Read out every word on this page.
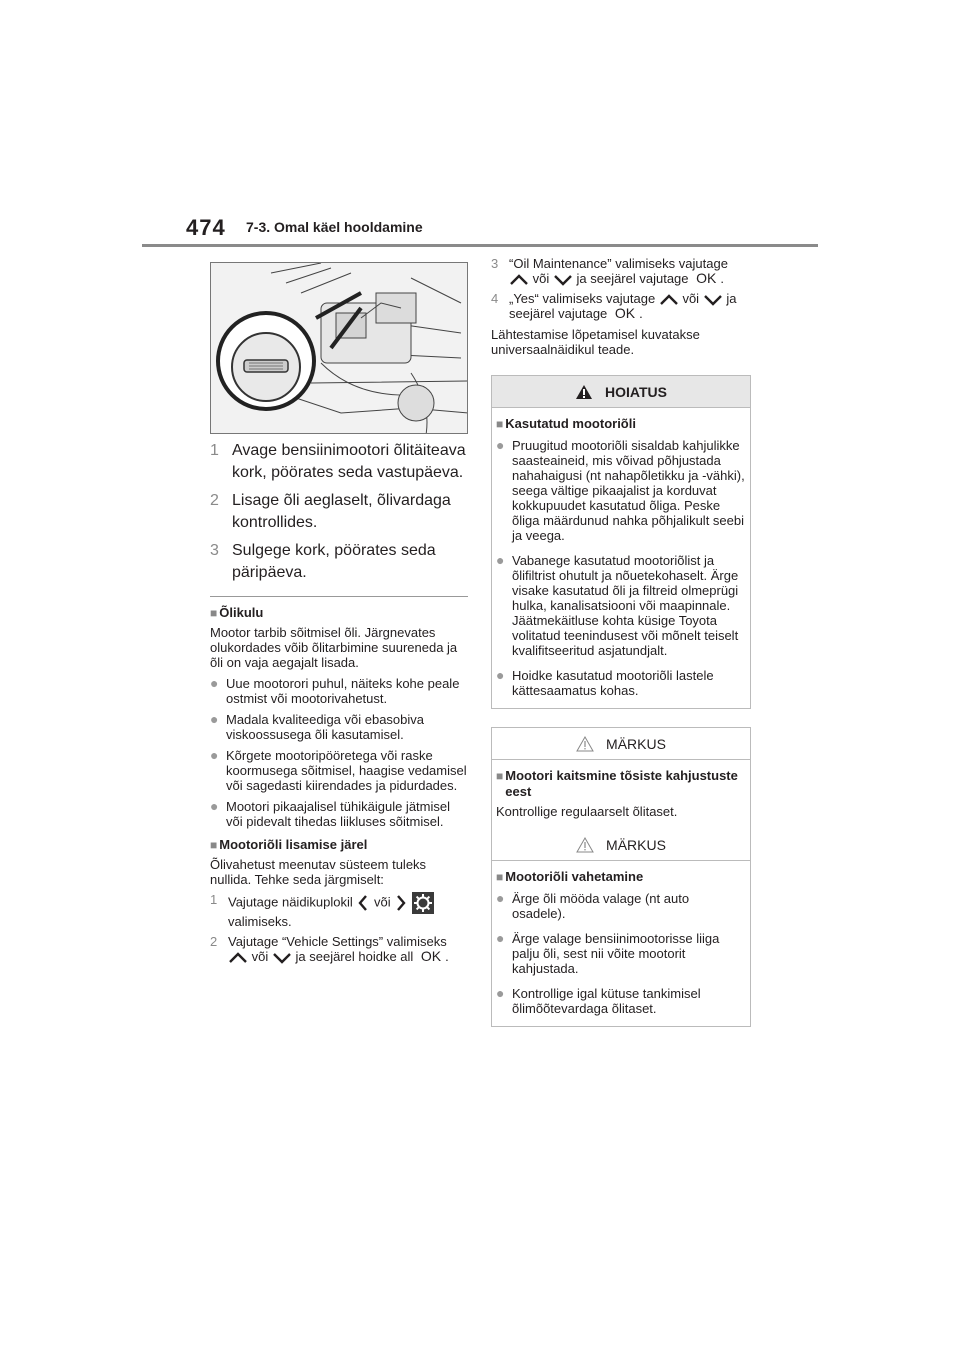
474 7-3. Omal käel hooldamine
1 Avage bensiinimootori õlitäiteava kork, pöörates seda vastupäeva.
2 Lisage õli aeglaselt, õlivardaga kontrollides.
3 Sulgege kork, pöörates seda päripäeva.
■ Õlikulu
Mootor tarbib sõitmisel õli. Järgnevates olukordades võib õlitarbimine suureneda ja õli on vaja aegajalt lisada.
● Uue mootorori puhul, näiteks kohe peale ostmist või mootorivahetust.
● Madala kvaliteediga või ebasobiva viskoossusega õli kasutamisel.
● Kõrgete mootoripööretega või raske koormusega sõitmisel, haagise vedamisel või sagedasti kiirendades ja pidurdades.
● Mootori pikaajalisel tühikäigule jätmisel või pidevalt tihedas liikluses sõitmisel.
■ Mootoriõli lisamise järel
Õlivahetust meenutav süsteem tuleks nullida. Tehke seda järgmiselt:
1 Vajutage näidikuplokil või   valimiseks.
2 Vajutage “Vehicle Settings” valimiseks  või ja seejärel hoidke all OK .
3 “Oil Maintenance” valimiseks vajutage  või ja seejärel vajutage OK .
4 „Yes“ valimiseks vajutage või ja seejärel vajutage OK .
Lähtestamise lõpetamisel kuvatakse universaalnäidikul teade.
HOIATUS
■ Kasutatud mootoriõli
● Pruugitud mootoriõli sisaldab kahjulikke saasteaineid, mis võivad põhjustada nahahaigusi (nt nahapõletikku ja -vähki), seega vältige pikaajalist ja korduvat kokkupuudet kasutatud õliga. Peske õliga määrdunud nahka põhjalikult seebi ja veega.
● Vabanege kasutatud mootoriõlist ja õlifiltrist ohutult ja nõuetekohaselt. Ärge visake kasutatud õli ja filtreid olmeprügi hulka, kanalisatsiooni või maapinnale. Jäätmekäitluse kohta küsige Toyota volitatud teenindusest või mõnelt teiselt kvalifitseeritud asjatundjalt.
● Hoidke kasutatud mootoriõli lastele kättesaamatus kohas.
MÄRKUS
■ Mootori kaitsmine tõsiste kahjustuste eest
Kontrollige regulaarselt õlitaset.
MÄRKUS
■ Mootoriõli vahetamine
● Ärge õli mööda valage (nt auto osadele).
● Ärge valage bensiinimootorisse liiga palju õli, sest nii võite mootorit kahjustada.
● Kontrollige igal kütuse tankimisel õlimõõtevardaga õlitaset.
